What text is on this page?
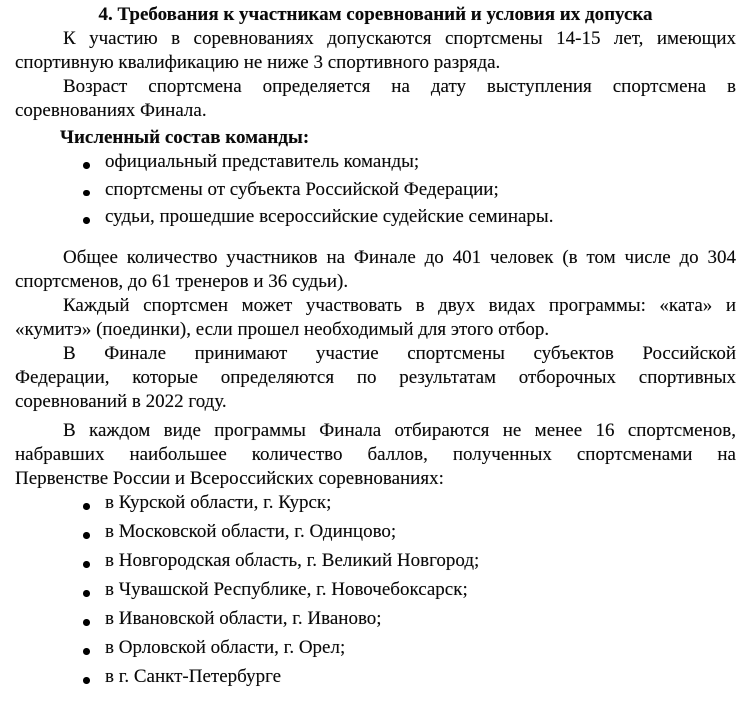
4. Требования к участникам соревнований и условия их допуска
К участию в соревнованиях допускаются спортсмены 14-15 лет, имеющих
спортивную квалификацию не ниже 3 спортивного разряда.
Возраст спортсмена определяется на дату выступления спортсмена в
соревнованиях Финала.
Численный состав команды:
официальный представитель команды;
спортсмены от субъекта Российской Федерации;
судьи, прошедшие всероссийские судейские семинары.
Общее количество участников на Финале до 401 человек (в том числе до 304
спортсменов, до 61 тренеров и 36 судьи).
Каждый спортсмен может участвовать в двух видах программы: «ката» и
«кумитэ» (поединки), если прошел необходимый для этого отбор.
В Финале принимают участие спортсмены субъектов Российской
Федерации, которые определяются по результатам отборочных спортивных
соревнований в 2022 году.
В каждом виде программы Финала отбираются не менее 16 спортсменов,
набравших наибольшее количество баллов, полученных спортсменами на
Первенстве России и Всероссийских соревнованиях:
в Курской области, г. Курск;
в Московской области, г. Одинцово;
в Новгородская область, г. Великий Новгород;
в Чувашской Республике, г. Новочебоксарск;
в Ивановской области, г. Иваново;
в Орловской области, г. Орел;
в г. Санкт-Петербурге
